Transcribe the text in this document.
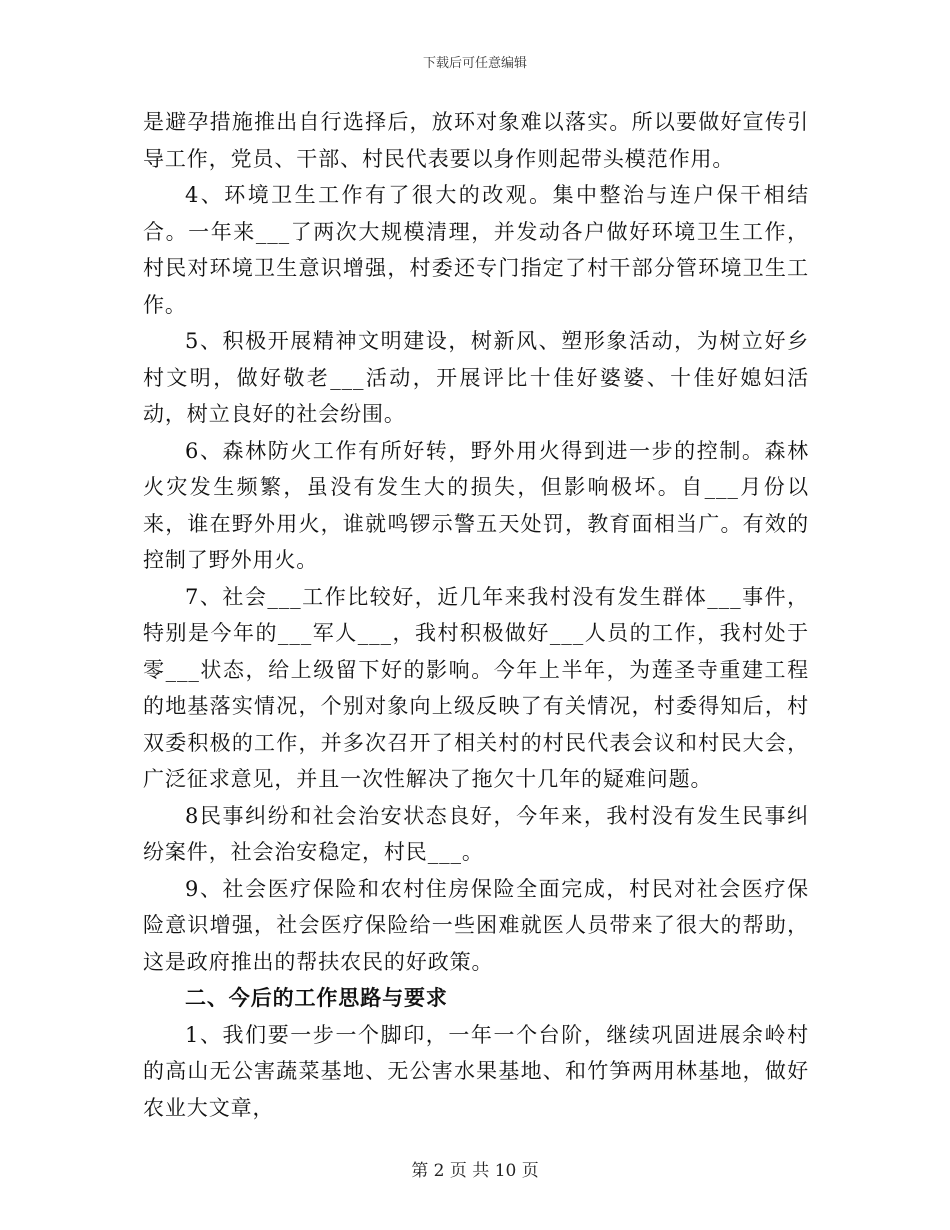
下载后可任意编辑

是避孕措施推出自行选择后，放环对象难以落实。所以要做好宣传引导工作，党员、干部、村民代表要以身作则起带头模范作用。

4、环境卫生工作有了很大的改观。集中整治与连户保干相结合。一年来___了两次大规模清理，并发动各户做好环境卫生工作，村民对环境卫生意识增强，村委还专门指定了村干部分管环境卫生工作。

5、积极开展精神文明建设，树新风、塑形象活动，为树立好乡村文明，做好敬老___活动，开展评比十佳好婆婆、十佳好媳妇活动，树立良好的社会纷围。

6、森林防火工作有所好转，野外用火得到进一步的控制。森林火灾发生频繁，虽没有发生大的损失，但影响极坏。自___月份以来，谁在野外用火，谁就鸣锣示警五天处罚，教育面相当广。有效的控制了野外用火。

7、社会___工作比较好，近几年来我村没有发生群体___事件，特别是今年的___军人___，我村积极做好___人员的工作，我村处于零___状态，给上级留下好的影响。今年上半年，为莲圣寺重建工程的地基落实情况，个别对象向上级反映了有关情况，村委得知后，村双委积极的工作，并多次召开了相关村的村民代表会议和村民大会，广泛征求意见，并且一次性解决了拖欠十几年的疑难问题。

8民事纠纷和社会治安状态良好，今年来，我村没有发生民事纠纷案件，社会治安稳定，村民___。

9、社会医疗保险和农村住房保险全面完成，村民对社会医疗保险意识增强，社会医疗保险给一些困难就医人员带来了很大的帮助，这是政府推出的帮扶农民的好政策。

二、今后的工作思路与要求

1、我们要一步一个脚印，一年一个台阶，继续巩固进展余岭村的高山无公害蔬菜基地、无公害水果基地、和竹笋两用林基地，做好农业大文章，

第 2 页 共 10 页
